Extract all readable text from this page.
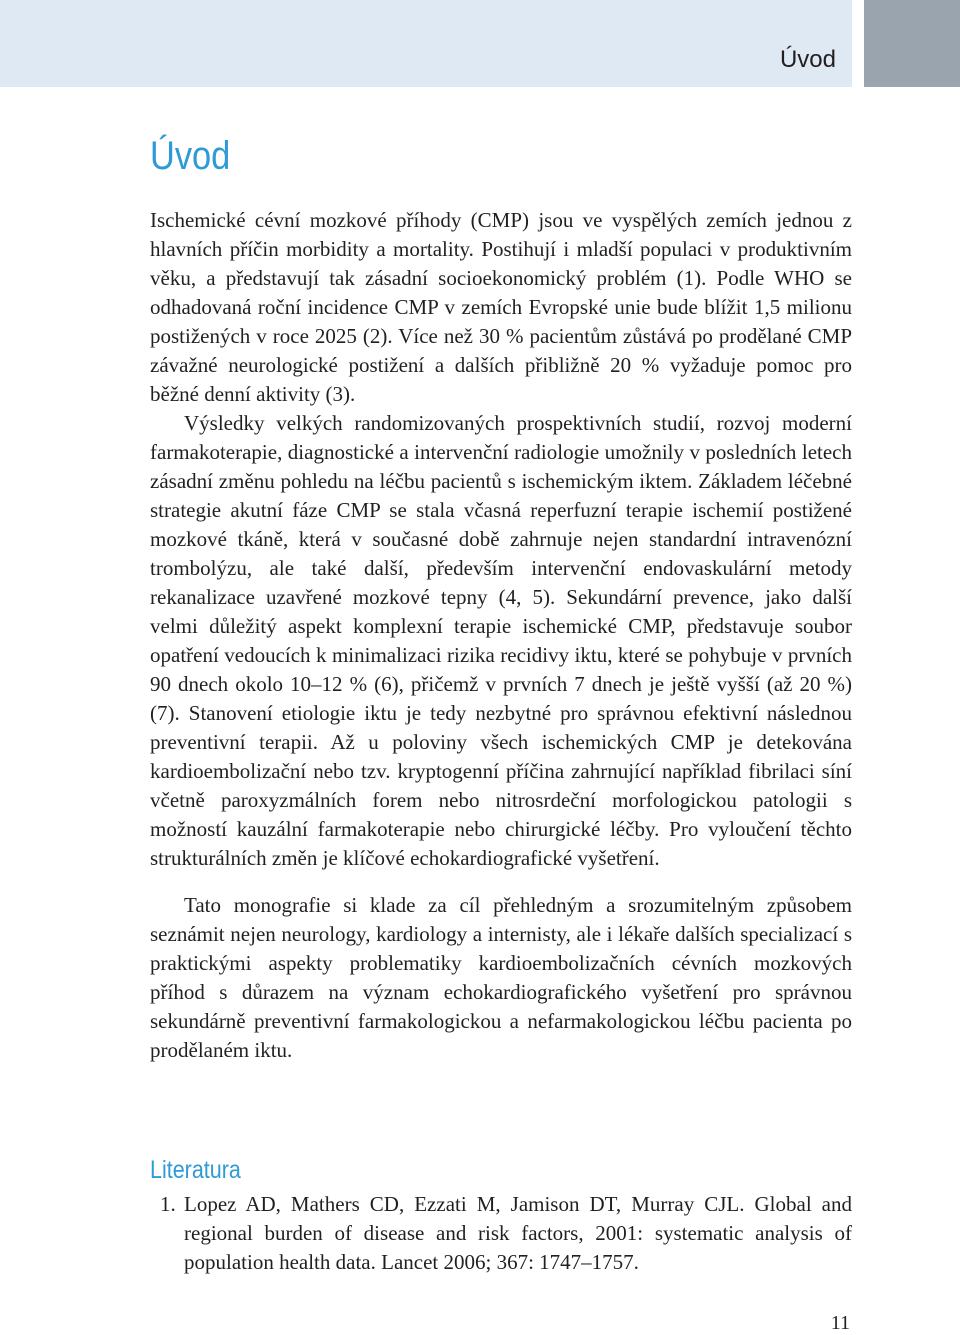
Úvod
Úvod

Ischemické cévní mozkové příhody (CMP) jsou ve vyspělých zemích jednou z hlavních příčin morbidity a mortality. Postihují i mladší populaci v produktivním věku, a představují tak zásadní socioekonomický problém (1). Podle WHO se odhadovaná roční incidence CMP v zemích Evropské unie bude blížit 1,5 milionu postižených v roce 2025 (2). Více než 30 % pacientům zůstává po prodělané CMP závažné neurologické postižení a dalších přibližně 20 % vyžaduje pomoc pro běžné denní aktivity (3).

Výsledky velkých randomizovaných prospektivních studií, rozvoj moderní farmakoterapie, diagnostické a intervenční radiologie umožnily v posledních letech zásadní změnu pohledu na léčbu pacientů s ischemickým iktem. Základem léčebné strategie akutní fáze CMP se stala včasná reperfuzní terapie ischemií postižené mozkové tkáně, která v současné době zahrnuje nejen standardní intravenózní trombolýzu, ale také další, především intervenční endovaskulární metody rekanalizace uzavřené mozkové tepny (4, 5). Sekundární prevence, jako další velmi důležitý aspekt komplexní terapie ischemické CMP, představuje soubor opatření vedoucích k minimalizaci rizika recidivy iktu, které se pohybuje v prvních 90 dnech okolo 10–12 % (6), přičemž v prvních 7 dnech je ještě vyšší (až 20 %) (7). Stanovení etiologie iktu je tedy nezbytné pro správnou efektivní následnou preventivní terapii. Až u poloviny všech ischemických CMP je detekována kardioembolizační nebo tzv. kryptogenní příčina zahrnující například fibrilaci síní včetně paroxyzmálních forem nebo nitrosrdeční morfologickou patologii s možností kauzální farmakoterapie nebo chirurgické léčby. Pro vyloučení těchto strukturálních změn je klíčové echokardiografické vyšetření.

Tato monografie si klade za cíl přehledným a srozumitelným způsobem seznámit nejen neurology, kardiology a internisty, ale i lékaře dalších specializací s praktickými aspekty problematiky kardioembolizačních cévních mozkových příhod s důrazem na význam echokardiografického vyšetření pro správnou sekundárně preventivní farmakologickou a nefarmakologickou léčbu pacienta po prodělaném iktu.

Literatura
1. Lopez AD, Mathers CD, Ezzati M, Jamison DT, Murray CJL. Global and regional burden of disease and risk factors, 2001: systematic analysis of population health data. Lancet 2006; 367: 1747–1757.
11
